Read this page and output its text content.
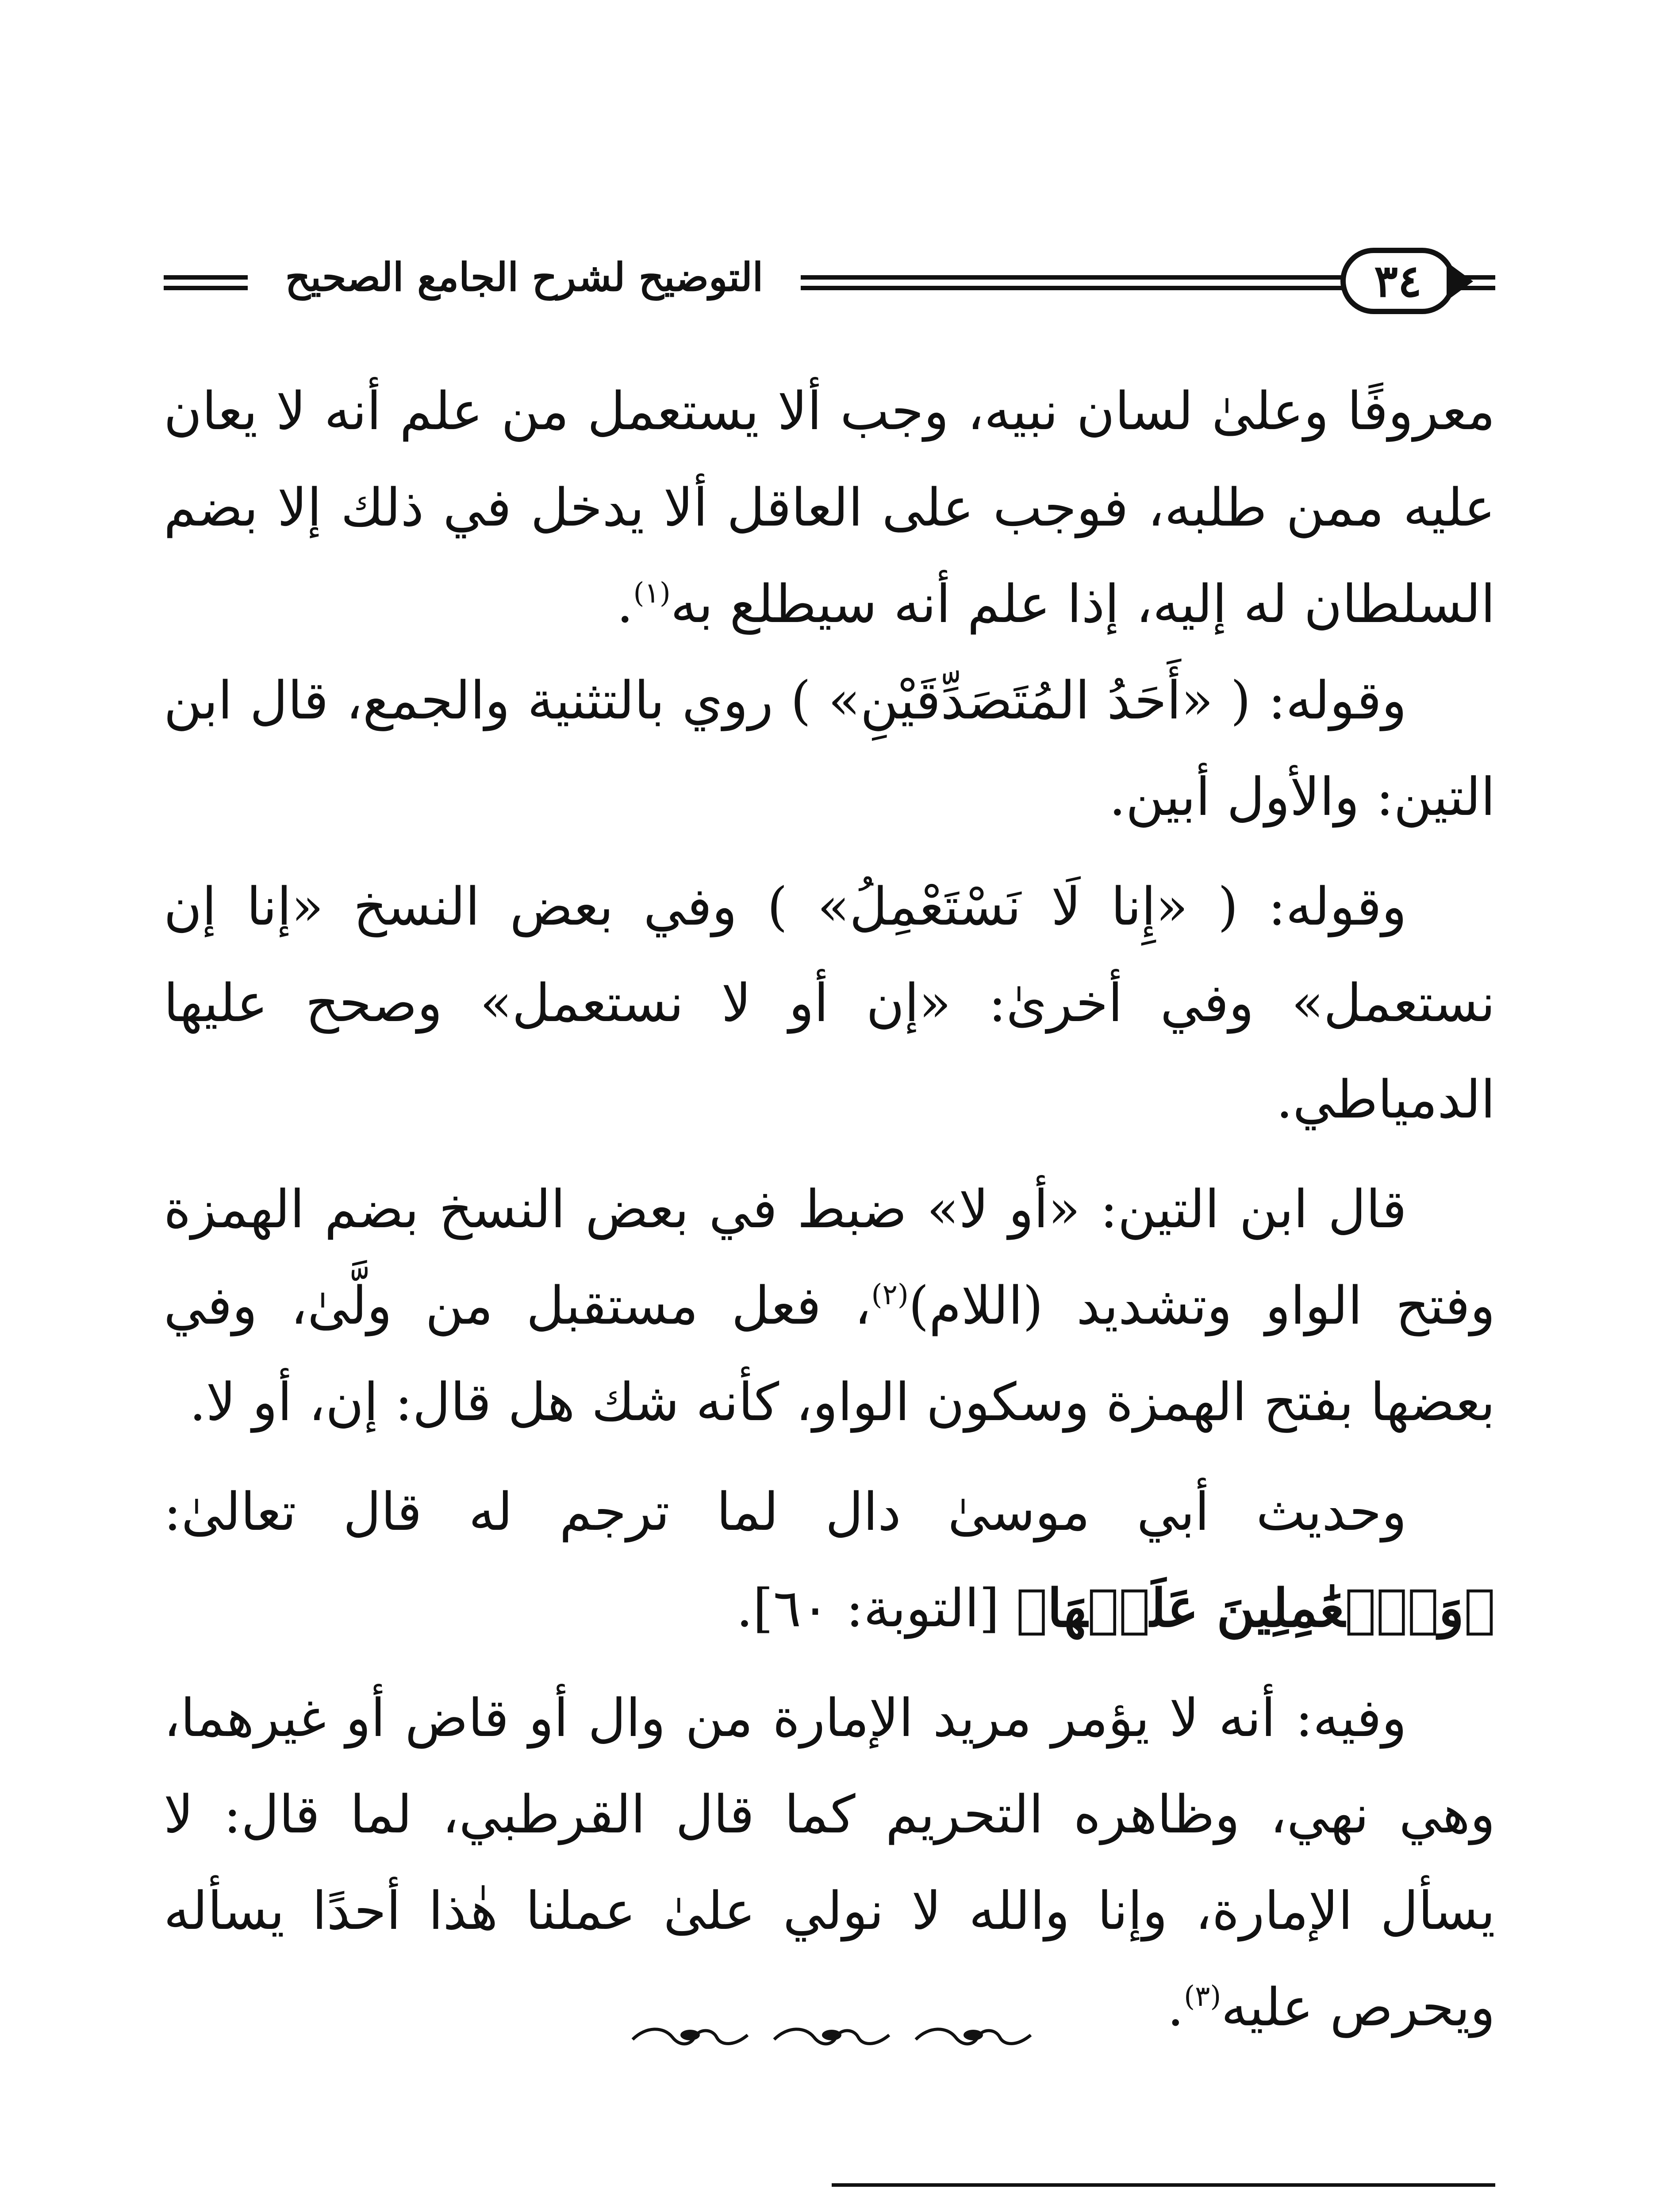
التوضيح لشرح الجامع الصحيح	٣٤

معروفًا وعلىٰ لسان نبيه، وجب ألا يستعمل من علم أنه لا يعان عليه ممن طلبه، فوجب على العاقل ألا يدخل في ذلك إلا بضم السلطان له إليه، إذا علم أنه سيطلع به$^{(١)}$.

وقوله: ( «أَحَدُ المُتَصَدِّقَيْنِ» ) روي بالتثنية والجمع، قال ابن التين: والأول أبين.

وقوله: ( «إِنا لَا نَسْتَعْمِلُ» ) وفي بعض النسخ «إنا إن نستعمل» وفي أخرىٰ: «إن أو لا نستعمل» وصحح عليها الدمياطي.

قال ابن التين: «أو لا» ضبط في بعض النسخ بضم الهمزة وفتح الواو وتشديد (اللام)$^{(٢)}$، فعل مستقبل من ولَّىٰ، وفي بعضها بفتح الهمزة وسكون الواو، كأنه شك هل قال: إن، أو لا.

وحديث أبي موسىٰ دال لما ترجم له قال تعالىٰ: ﴿وَٱلۡعَٰمِلِينَ عَلَيۡهَا﴾ [التوبة: ٦٠].

وفيه: أنه لا يؤمر مريد الإمارة من وال أو قاض أو غيرهما، وهي نهي، وظاهره التحريم كما قال القرطبي، لما قال: لا يسأل الإمارة، وإنا والله لا نولي علىٰ عملنا هٰذا أحدًا يسأله ويحرص عليه$^{(٣)}$.
